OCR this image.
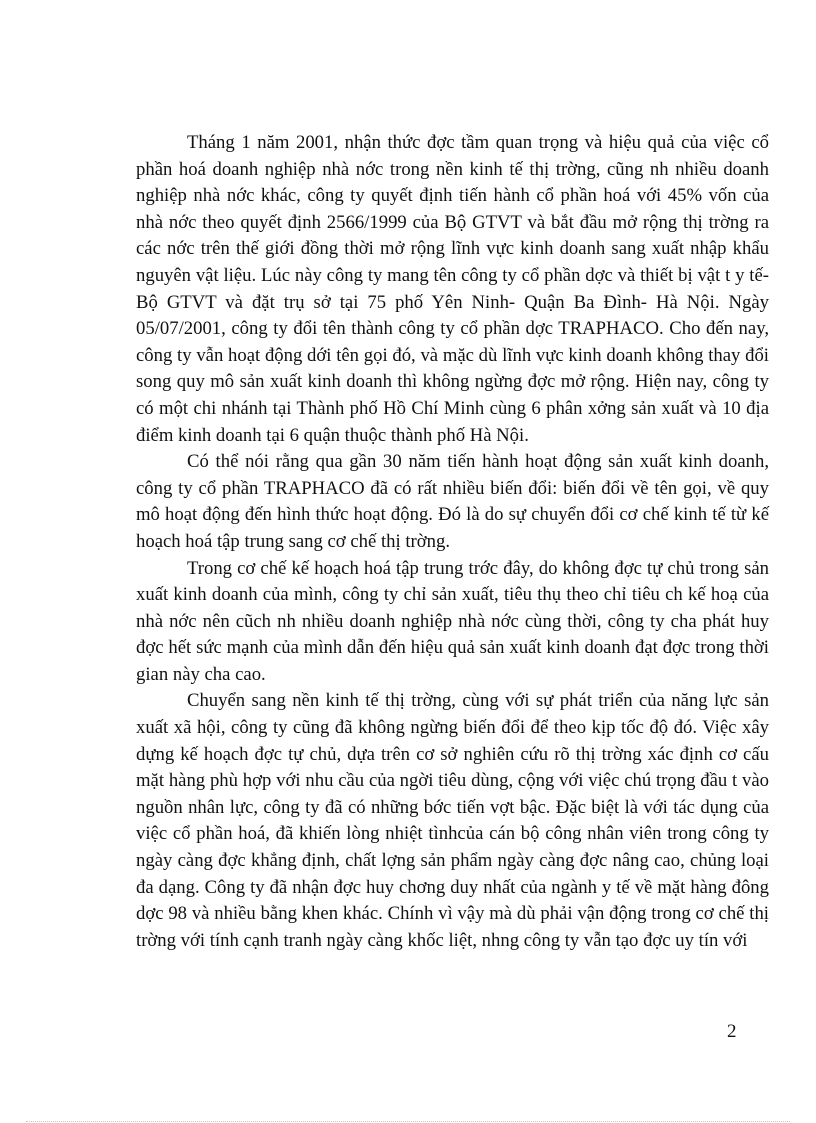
Tháng 1 năm 2001, nhận thức đợc tầm quan trọng và hiệu quả của việc cổ phần hoá doanh nghiệp nhà nớc trong nền kinh tế thị trờng, cũng nh nhiều doanh nghiệp nhà nớc khác, công ty quyết định tiến hành cổ phần hoá với 45% vốn của nhà nớc theo quyết định 2566/1999 của Bộ GTVT và bắt đầu mở rộng thị trờng ra các nớc trên thế giới đồng thời mở rộng lĩnh vực kinh doanh sang xuất nhập khẩu nguyên vật liệu. Lúc này công ty mang tên công ty cổ phần dợc và thiết bị vật t y tế-Bộ GTVT và đặt trụ sở tại 75 phố Yên Ninh- Quận Ba Đình- Hà Nội. Ngày 05/07/2001, công ty đổi tên thành công ty cổ phần dợc TRAPHACO. Cho đến nay, công ty vẫn hoạt động dới tên gọi đó, và mặc dù lĩnh vực kinh doanh không thay đổi song quy mô sản xuất kinh doanh thì không ngừng đợc mở rộng. Hiện nay, công ty có một chi nhánh tại Thành phố Hồ Chí Minh cùng 6 phân xởng sản xuất và 10 địa điểm kinh doanh tại 6 quận thuộc thành phố Hà Nội.

Có thể nói rằng qua gần 30 năm tiến hành hoạt động sản xuất kinh doanh, công ty cổ phần TRAPHACO đã có rất nhiều biến đổi: biến đổi về tên gọi, về quy mô hoạt động đến hình thức hoạt động. Đó là do sự chuyển đổi cơ chế kinh tế từ kế hoạch hoá tập trung sang cơ chế thị trờng.

Trong cơ chế kế hoạch hoá tập trung trớc đây, do không đợc tự chủ trong sản xuất kinh doanh của mình, công ty chỉ sản xuất, tiêu thụ theo chỉ tiêu ch kế hoạ của nhà nớc nên cũch nh nhiều doanh nghiệp nhà nớc cùng thời, công ty cha phát huy đợc hết sức mạnh của mình dẫn đến hiệu quả sản xuất kinh doanh đạt đợc trong thời gian này cha cao.

Chuyển sang nền kinh tế thị trờng, cùng với sự phát triển của năng lực sản xuất xã hội, công ty cũng đã không ngừng biến đổi để theo kịp tốc độ đó. Việc xây dựng kế hoạch đợc tự chủ, dựa trên cơ sở nghiên cứu rõ thị trờng xác định cơ cấu mặt hàng phù hợp với nhu cầu của ngời tiêu dùng, cộng với việc chú trọng đầu t vào nguồn nhân lực, công ty đã có những bớc tiến vợt bậc. Đặc biệt là với tác dụng của việc cổ phần hoá, đã khiến lòng nhiệt tìnhcủa cán bộ công nhân viên trong công ty ngày càng đợc khẳng định, chất lợng sản phẩm ngày càng đợc nâng cao, chủng loại đa dạng. Công ty đã nhận đợc huy chơng duy nhất của ngành y tế về mặt hàng đông dợc 98 và nhiều bằng khen khác. Chính vì vậy mà dù phải vận động trong cơ chế thị trờng với tính cạnh tranh ngày càng khốc liệt, nhng công ty vẫn tạo đợc uy tín với

2
